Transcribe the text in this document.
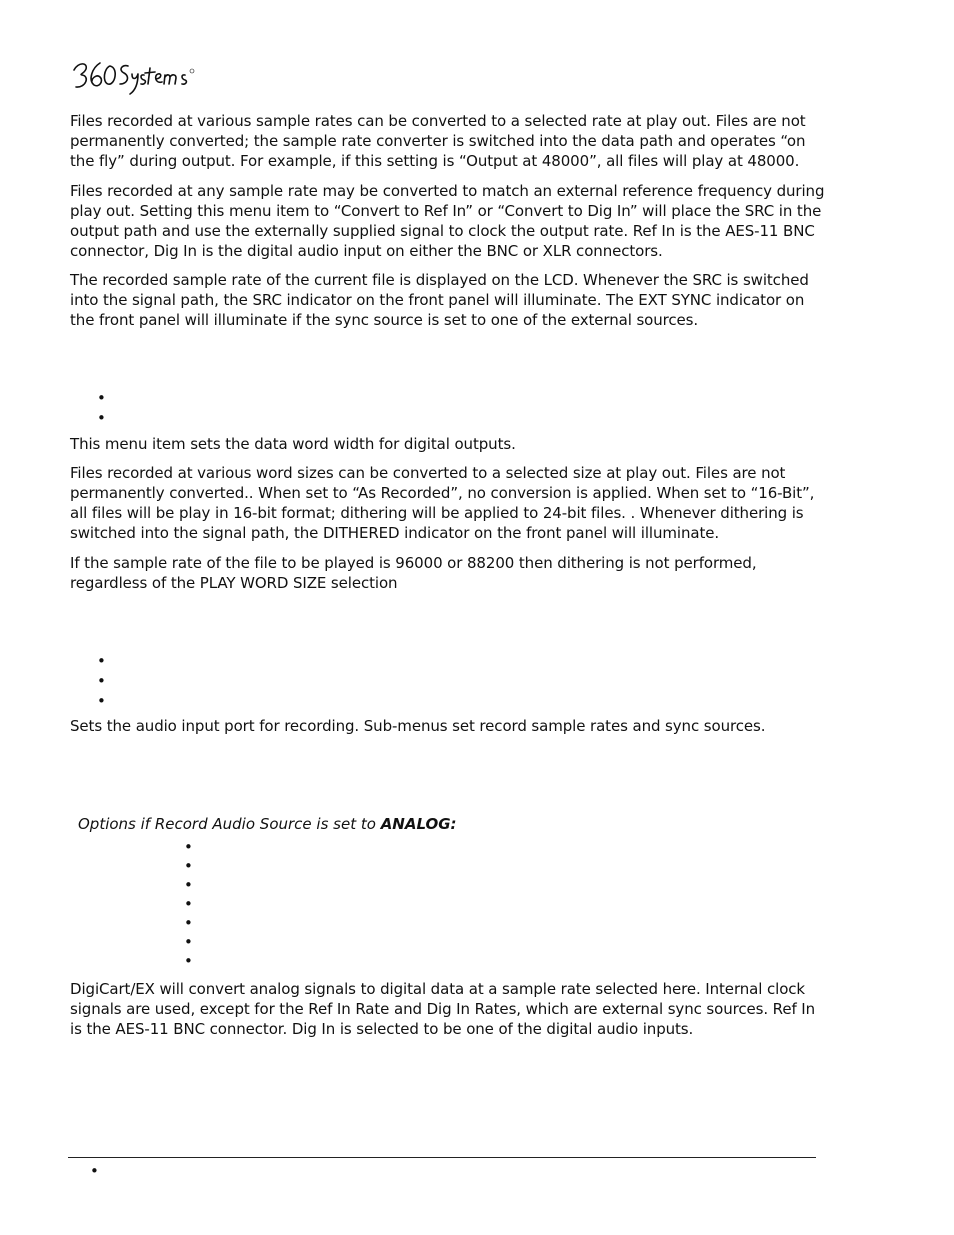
Files recorded at various sample rates can be converted to a selected rate at play out. Files are not permanently converted; the sample rate converter is switched into the data path and operates “on the fly” during output. For example, if this setting is “Output at 48000”, all files will play at 48000.

Files recorded at any sample rate may be converted to match an external reference frequency during play out. Setting this menu item to “Convert to Ref In” or “Convert to Dig In” will place the SRC in the output path and use the externally supplied signal to clock the output rate. Ref In is the AES-11 BNC connector, Dig In is the digital audio input on either the BNC or XLR connectors.

The recorded sample rate of the current file is displayed on the LCD. Whenever the SRC is switched into the signal path, the SRC indicator on the front panel will illuminate. The EXT SYNC indicator on the front panel will illuminate if the sync source is set to one of the external sources.

•
•

This menu item sets the data word width for digital outputs.

Files recorded at various word sizes can be converted to a selected size at play out. Files are not permanently converted.. When set to “As Recorded”, no conversion is applied. When set to “16-Bit”, all files will be play in 16-bit format; dithering will be applied to 24-bit files. . Whenever dithering is switched into the signal path, the DITHERED indicator on the front panel will illuminate.

If the sample rate of the file to be played is 96000 or 88200 then dithering is not performed, regardless of the PLAY WORD SIZE selection

•
•
•

Sets the audio input port for recording. Sub-menus set record sample rates and sync sources.

Options if Record Audio Source is set to ANALOG:

•
•
•
•
•
•
•

DigiCart/EX will convert analog signals to digital data at a sample rate selected here. Internal clock signals are used, except for the Ref In Rate and Dig In Rates, which are external sync sources. Ref In is the AES-11 BNC connector. Dig In is selected to be one of the digital audio inputs.

•
